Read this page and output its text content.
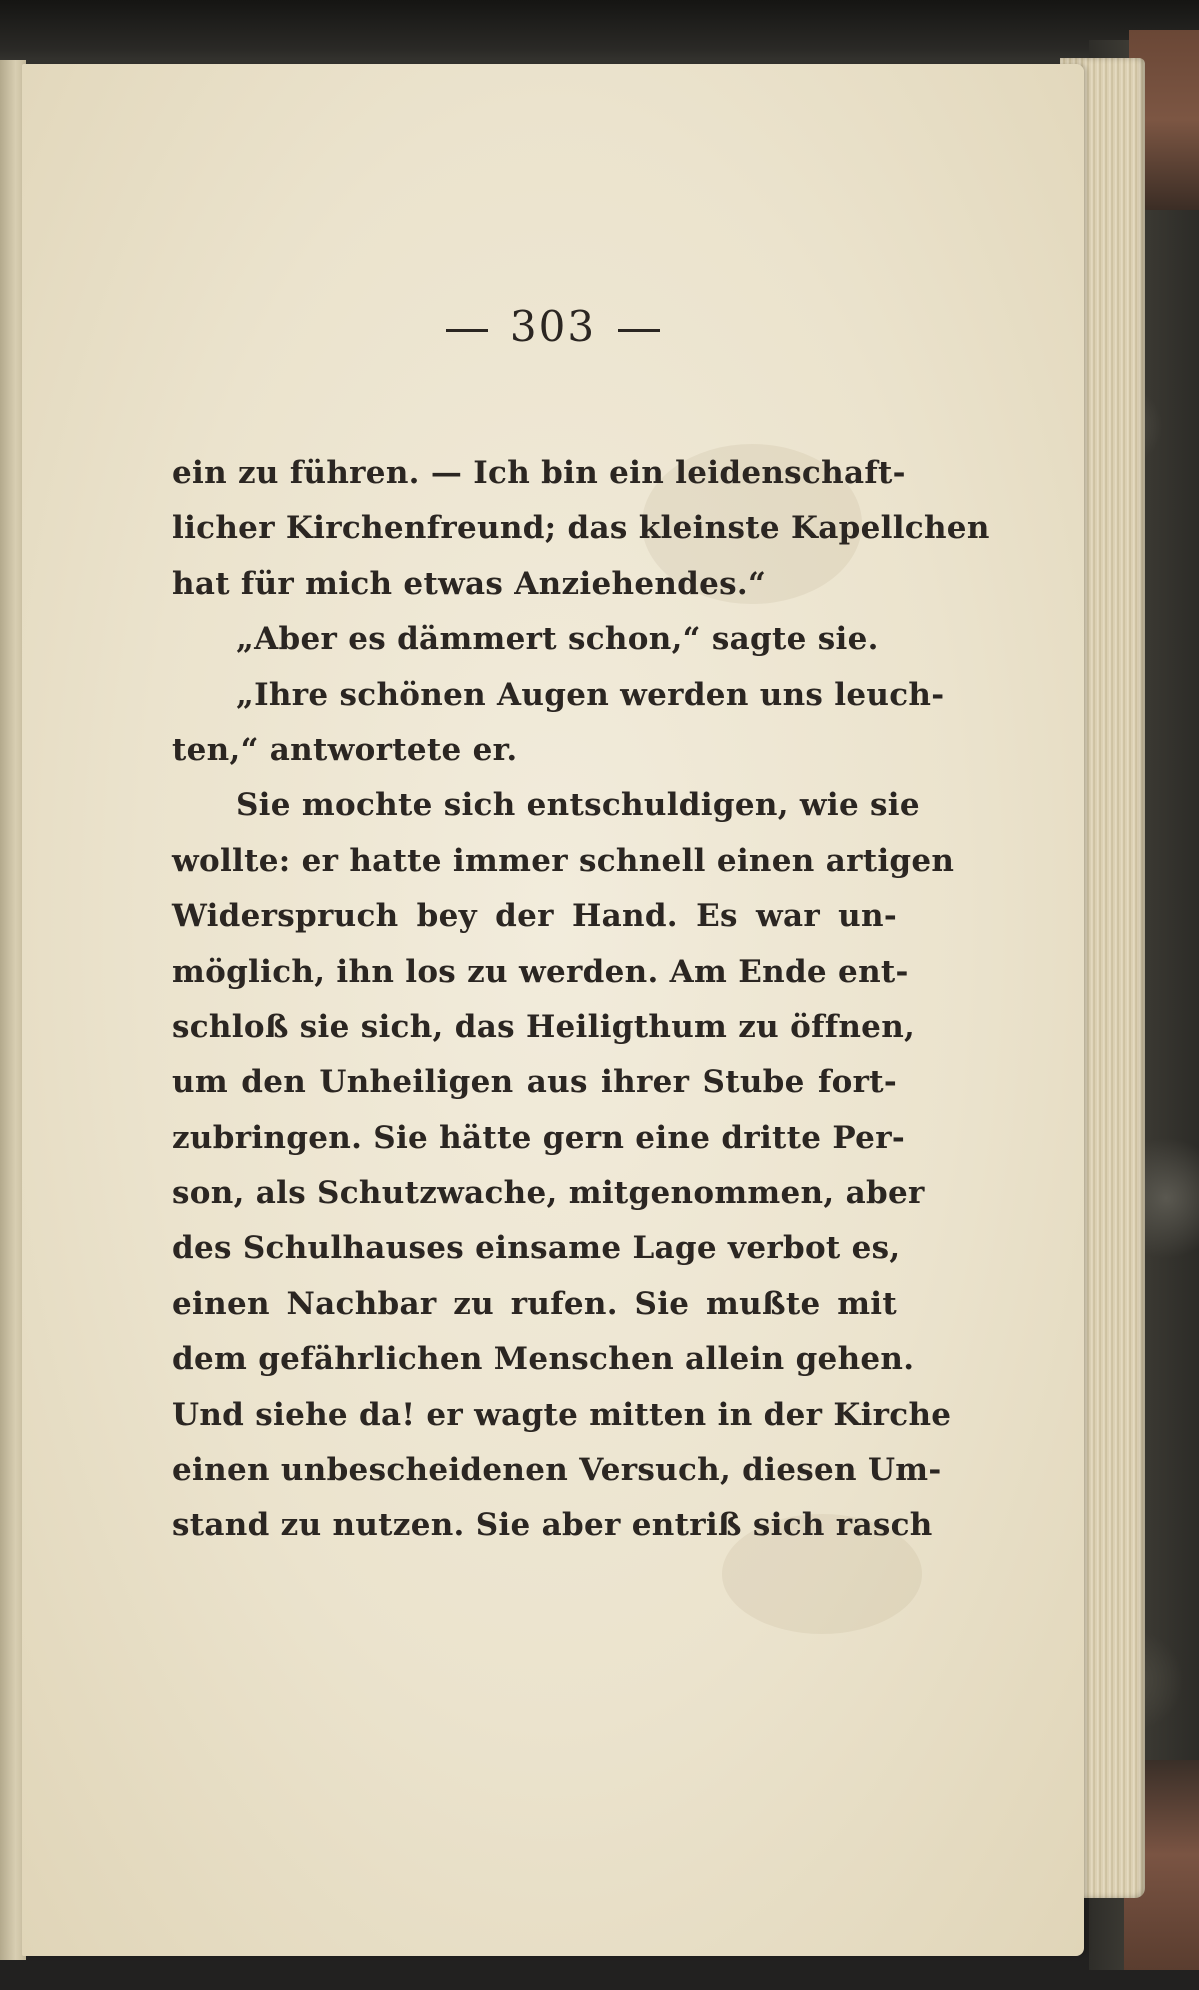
303
ein zu führen. — Ich bin ein leidenschaft-
licher Kirchenfreund; das kleinste Kapellchen
hat für mich etwas Anziehendes.“
„Aber es dämmert schon,“ sagte sie.
„Ihre schönen Augen werden uns leuch-
ten,“ antwortete er.
Sie mochte sich entschuldigen, wie sie
wollte: er hatte immer schnell einen artigen
Widerspruch bey der Hand. Es war un-
möglich, ihn los zu werden. Am Ende ent-
schloß sie sich, das Heiligthum zu öffnen,
um den Unheiligen aus ihrer Stube fort-
zubringen. Sie hätte gern eine dritte Per-
son, als Schutzwache, mitgenommen, aber
des Schulhauses einsame Lage verbot es,
einen Nachbar zu rufen. Sie mußte mit
dem gefährlichen Menschen allein gehen.
Und siehe da! er wagte mitten in der Kirche
einen unbescheidenen Versuch, diesen Um-
stand zu nutzen. Sie aber entriß sich rasch
